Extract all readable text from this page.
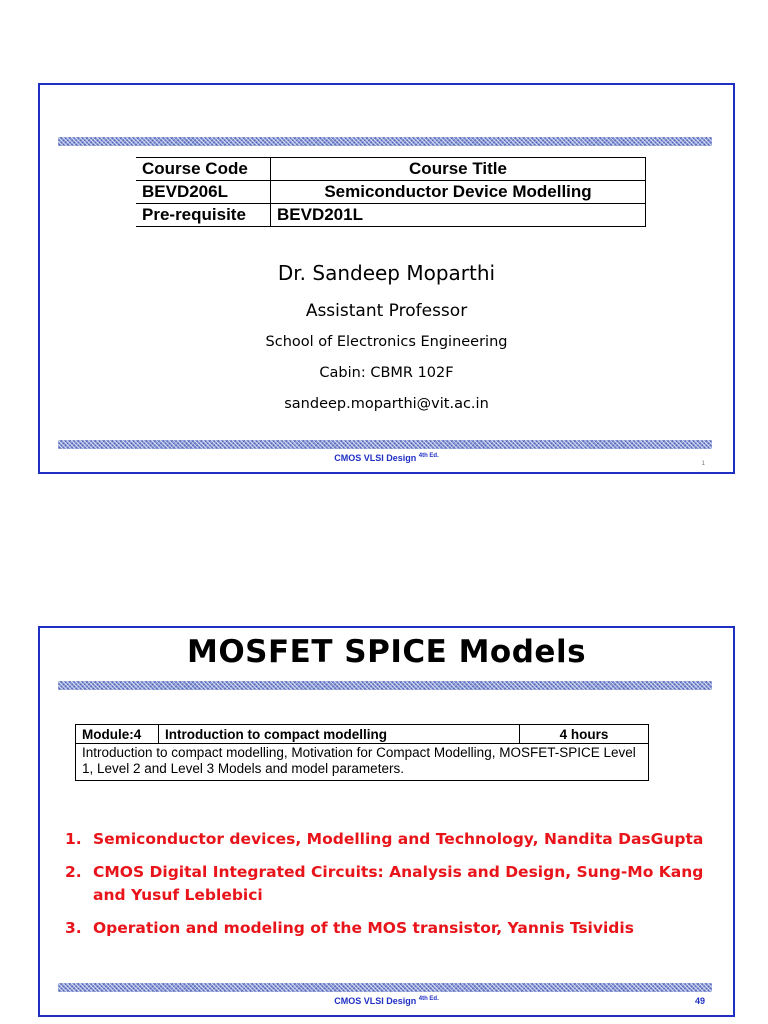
Course Code	Course Title
BEVD206L	Semiconductor Device Modelling
Pre-requisite	BEVD201L
Dr. Sandeep Moparthi
Assistant Professor
School of Electronics Engineering
Cabin: CBMR 102F
sandeep.moparthi@vit.ac.in
CMOS VLSI Design $^{4th Ed.}$
1
MOSFET SPICE Models
Module:4	Introduction to compact modelling	4 hours
Introduction to compact modelling, Motivation for Compact Modelling, MOSFET-SPICE Level 1, Level 2 and Level 3 Models and model parameters.
1. Semiconductor devices, Modelling and Technology, Nandita DasGupta
2. CMOS Digital Integrated Circuits: Analysis and Design, Sung-Mo Kang and Yusuf Leblebici
3. Operation and modeling of the MOS transistor, Yannis Tsividis
CMOS VLSI Design $^{4th Ed.}$	49
